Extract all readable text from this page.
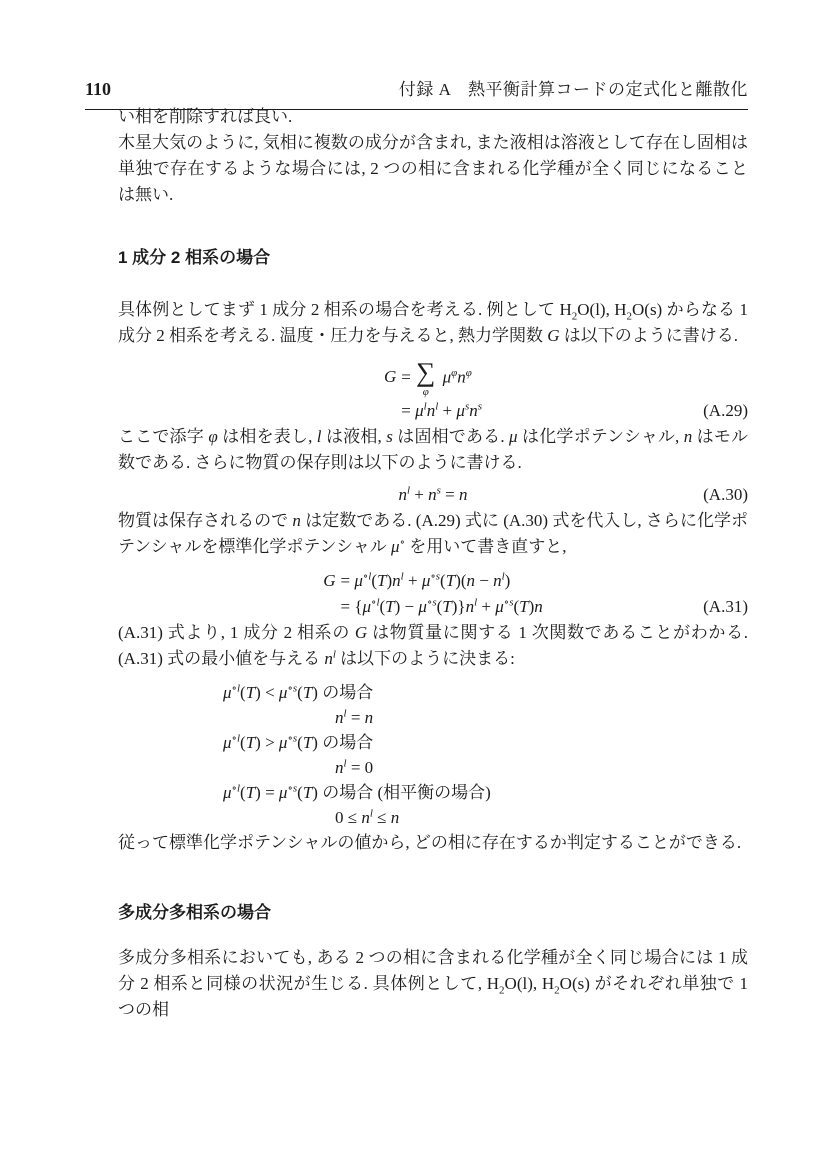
110	付録 A　熱平衡計算コードの定式化と離散化

い相を削除すれば良い.

木星大気のように, 気相に複数の成分が含まれ, また液相は溶液として存在し固相は単独で存在するような場合には, 2 つの相に含まれる化学種が全く同じになることは無い.

1 成分 2 相系の場合

具体例としてまず 1 成分 2 相系の場合を考える. 例として $H_2O(l)$, $H_2O(s)$ からなる 1 成分 2 相系を考える. 温度・圧力を与えると, 熱力学関数 G は以下のように書ける.

G	= ∑
φ
$\mu^\varphi n^\varphi$
	= $\mu^ln^l + \mu^sn^s$	(A.29)

ここで添字 φ は相を表し, l は液相, s は固相である. μ は化学ポテンシャル, n はモル数である. さらに物質の保存則は以下のように書ける.

$n^l + n^s = n$	(A.30)

物質は保存されるので n は定数である. (A.29) 式に (A.30) 式を代入し, さらに化学ポテンシャルを標準化学ポテンシャル μ∘ を用いて書き直すと,

G	= $\mu^{\circ l}(T)n^l + \mu^{\circ s}(T)(n - n^l)$
	= $\{\mu^{\circ l}(T) - \mu^{\circ s}(T)\}n^l + \mu^{\circ s}(T)n$	(A.31)

(A.31) 式より, 1 成分 2 相系の G は物質量に関する 1 次関数であることがわかる. (A.31) 式の最小値を与える $n^l$ は以下のように決まる:

$\mu^{\circ l}(T) < \mu^{\circ s}(T)$ の場合
$n^l = n$
$\mu^{\circ l}(T) > \mu^{\circ s}(T)$ の場合
$n^l = 0$
$\mu^{\circ l}(T) = \mu^{\circ s}(T)$ の場合 (相平衡の場合)
$0 \le n^l \le n$

従って標準化学ポテンシャルの値から, どの相に存在するか判定することができる.

多成分多相系の場合

多成分多相系においても, ある 2 つの相に含まれる化学種が全く同じ場合には 1 成分 2 相系と同様の状況が生じる. 具体例として, $H_2O(l)$, $H_2O(s)$ がそれぞれ単独で 1 つの相
